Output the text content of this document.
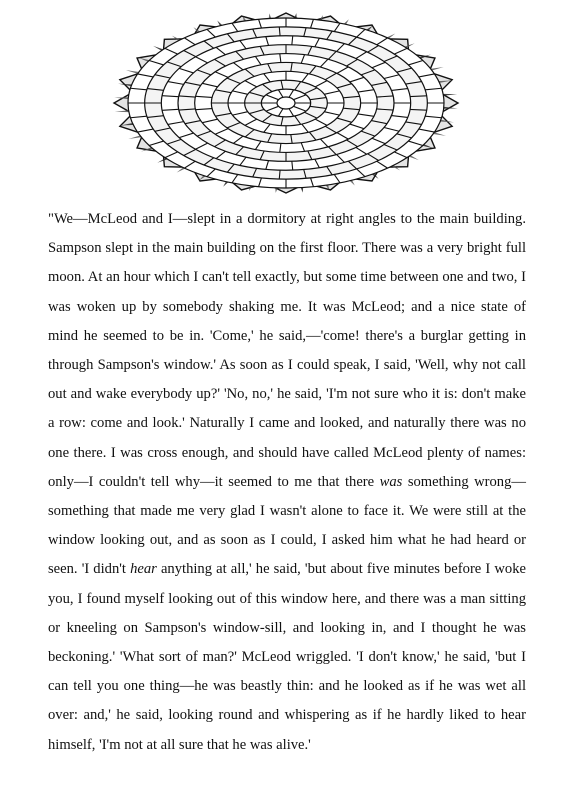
"We—McLeod and I—slept in a dormitory at right angles to the main building. Sampson slept in the main building on the first floor. There was a very bright full moon. At an hour which I can't tell exactly, but some time between one and two, I was woken up by somebody shaking me. It was McLeod; and a nice state of mind he seemed to be in. 'Come,' he said,—'come! there's a burglar getting in through Sampson's window.' As soon as I could speak, I said, 'Well, why not call out and wake everybody up?' 'No, no,' he said, 'I'm not sure who it is: don't make a row: come and look.' Naturally I came and looked, and naturally there was no one there. I was cross enough, and should have called McLeod plenty of names: only—I couldn't tell why—it seemed to me that there was something wrong—something that made me very glad I wasn't alone to face it. We were still at the window looking out, and as soon as I could, I asked him what he had heard or seen. 'I didn't hear anything at all,' he said, 'but about five minutes before I woke you, I found myself looking out of this window here, and there was a man sitting or kneeling on Sampson's window-sill, and looking in, and I thought he was beckoning.' 'What sort of man?' McLeod wriggled. 'I don't know,' he said, 'but I can tell you one thing—he was beastly thin: and he looked as if he was wet all over: and,' he said, looking round and whispering as if he hardly liked to hear himself, 'I'm not at all sure that he was alive.'
